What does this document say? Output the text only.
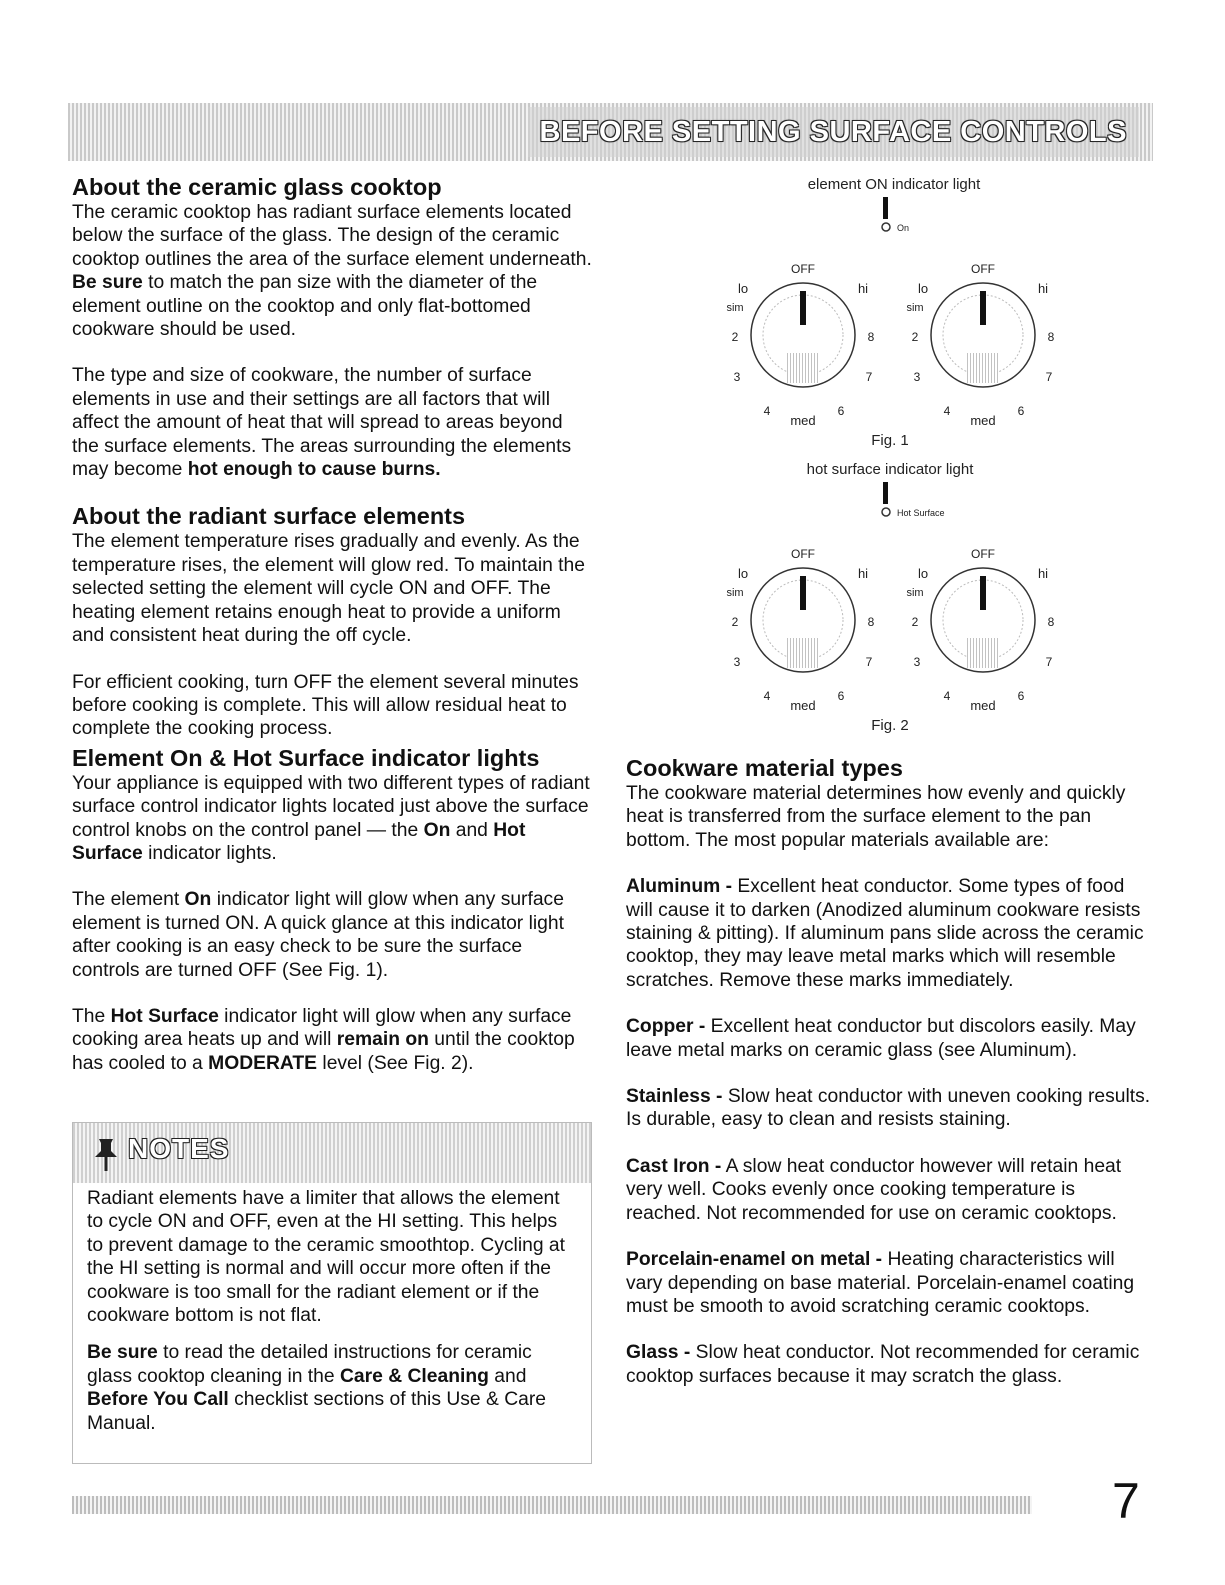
BEFORE SETTING SURFACE CONTROLS
About the ceramic glass cooktop

The ceramic cooktop has radiant surface elements located below the surface of the glass. The design of the ceramic cooktop outlines the area of the surface element underneath. Be sure to match the pan size with the diameter of the element outline on the cooktop and only flat-bottomed cookware should be used.

The type and size of cookware, the number of surface elements in use and their settings are all factors that will affect the amount of heat that will spread to areas beyond the surface elements. The areas surrounding the elements may become hot enough to cause burns.

About the radiant surface elements

The element temperature rises gradually and evenly. As the temperature rises, the element will glow red. To maintain the selected setting the element will cycle ON and OFF. The heating element retains enough heat to provide a uniform and consistent heat during the off cycle.

For efficient cooking, turn OFF the element several minutes before cooking is complete. This will allow residual heat to complete the cooking process.

Element On & Hot Surface indicator lights

Your appliance is equipped with two different types of radiant surface control indicator lights located just above the surface control knobs on the control panel — the On and Hot Surface indicator lights.

The element On indicator light will glow when any surface element is turned ON. A quick glance at this indicator light after cooking is an easy check to be sure the surface controls are turned OFF (See Fig. 1).

The Hot Surface indicator light will glow when any surface cooking area heats up and will remain on until the cooktop has cooled to a MODERATE level (See Fig. 2).

NOTES

Radiant elements have a limiter that allows the element to cycle ON and OFF, even at the HI setting. This helps to prevent damage to the ceramic smoothtop. Cycling at the HI setting is normal and will occur more often if the cookware is too small for the radiant element or if the cookware bottom is not flat.

Be sure to read the detailed instructions for ceramic glass cooktop cleaning in the Care & Cleaning and Before You Call checklist sections of this Use & Care Manual.

element ON indicator light
On
OFF
lo	hi
sim
2	8
3	7
4	6
med
OFF
lo	hi
sim
2	8
3	7
4	6
med
Fig. 1
hot surface indicator light
Hot Surface
OFF
lo	hi
sim
2	8
3	7
4	6
med
OFF
lo	hi
sim
2	8
3	7
4	6
med
Fig. 2
Cookware material types

The cookware material determines how evenly and quickly heat is transferred from the surface element to the pan bottom. The most popular materials available are:

Aluminum - Excellent heat conductor. Some types of food will cause it to darken (Anodized aluminum cookware resists staining & pitting). If aluminum pans slide across the ceramic cooktop, they may leave metal marks which will resemble scratches. Remove these marks immediately.

Copper - Excellent heat conductor but discolors easily. May leave metal marks on ceramic glass (see Aluminum).

Stainless - Slow heat conductor with uneven cooking results. Is durable, easy to clean and resists staining.

Cast Iron - A slow heat conductor however will retain heat very well. Cooks evenly once cooking temperature is reached. Not recommended for use on ceramic cooktops.

Porcelain-enamel on metal - Heating characteristics will vary depending on base material. Porcelain-enamel coating must be smooth to avoid scratching ceramic cooktops.

Glass - Slow heat conductor. Not recommended for ceramic cooktop surfaces because it may scratch the glass.

7
